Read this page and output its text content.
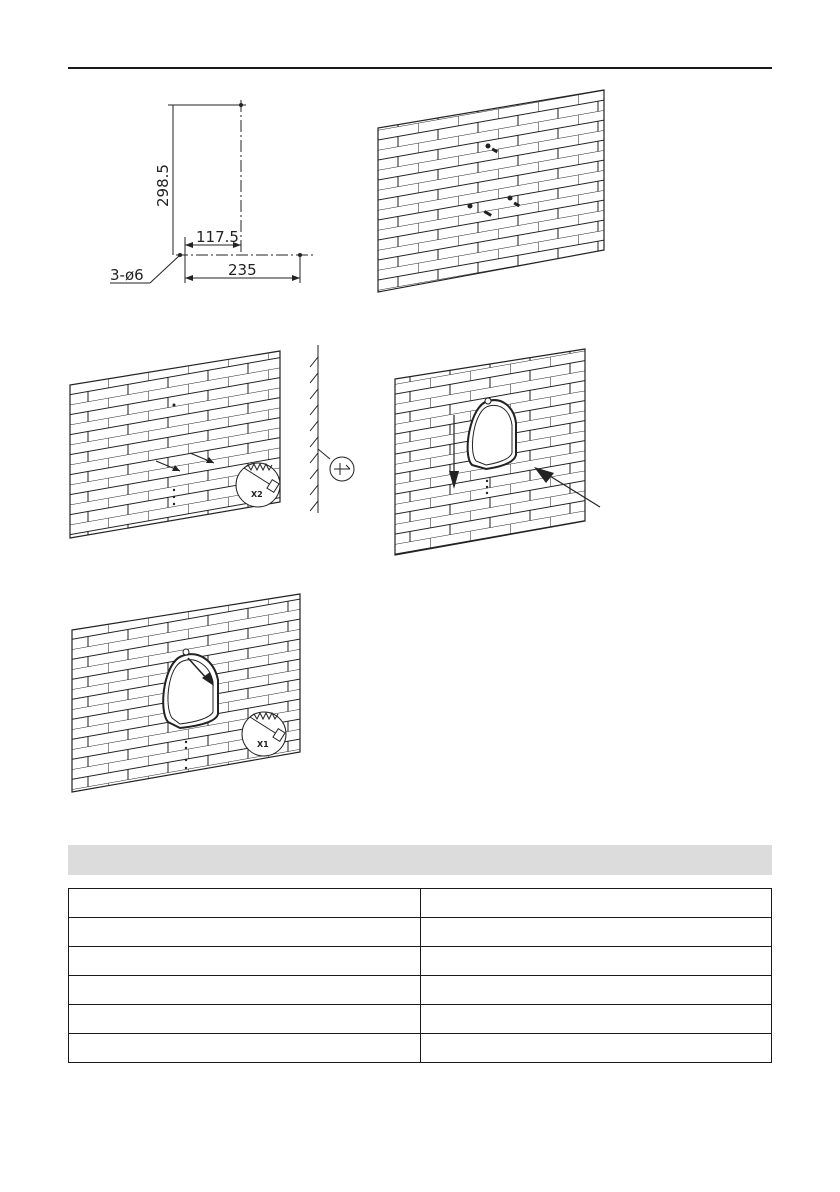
298.5
117.5
235
3-ø6
X2
X1
